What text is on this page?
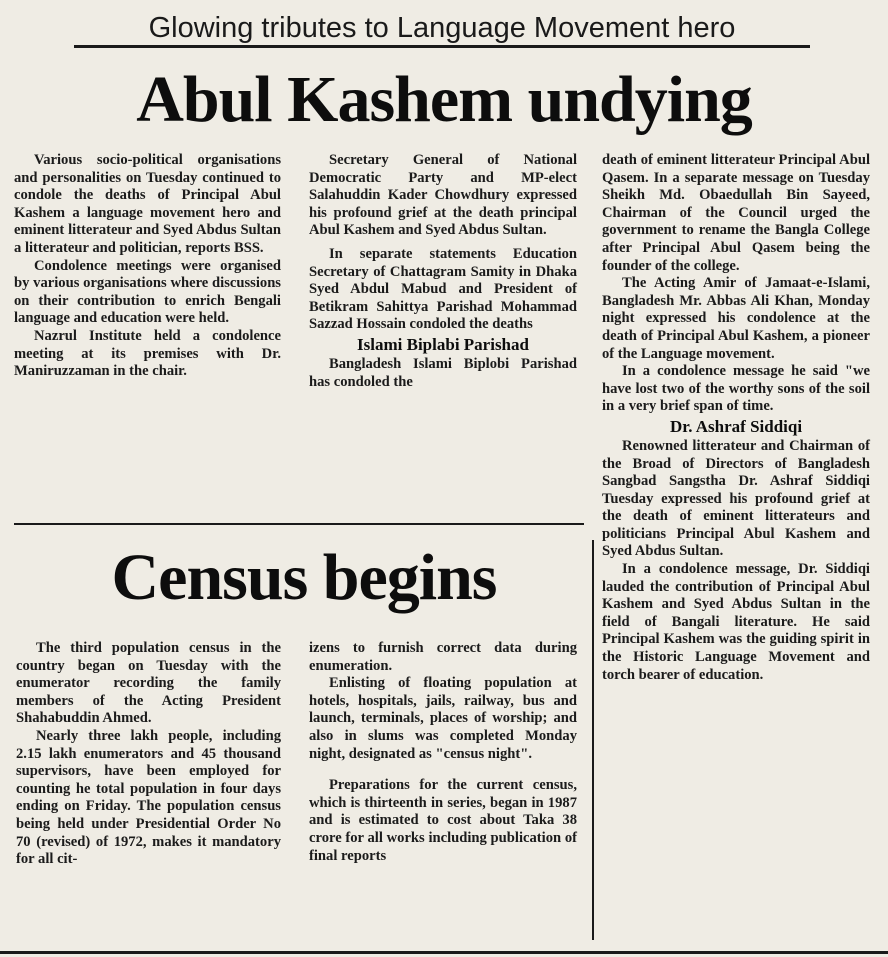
Glowing tributes to Language Movement hero
Abul Kashem undying

Various socio-political organisations and personalities on Tuesday continued to condole the deaths of Principal Abul Kashem a language movement hero and eminent litterateur and Syed Abdus Sultan a litterateur and politician, reports BSS.

Condolence meetings were organised by various organisations where discussions on their contribution to enrich Bengali language and education were held.

Nazrul Institute held a condolence meeting at its premises with Dr. Maniruzzaman in the chair.

Secretary General of National Democratic Party and MP-elect Salahuddin Kader Chowdhury expressed his profound grief at the death principal Abul Kashem and Syed Abdus Sultan.

In separate statements Education Secretary of Chattagram Samity in Dhaka Syed Abdul Mabud and President of Betikram Sahittya Parishad Mohammad Sazzad Hossain condoled the deaths

Islami Biplabi Parishad

Bangladesh Islami Biplobi Parishad has condoled the

death of eminent litterateur Principal Abul Qasem. In a separate message on Tuesday Sheikh Md. Obaedullah Bin Sayeed, Chairman of the Council urged the government to rename the Bangla College after Principal Abul Qasem being the founder of the college.

The Acting Amir of Jamaat-e-Islami, Bangladesh Mr. Abbas Ali Khan, Monday night expressed his condolence at the death of Principal Abul Kashem, a pioneer of the Language movement.

In a condolence message he said "we have lost two of the worthy sons of the soil in a very brief span of time.

Dr. Ashraf Siddiqi

Renowned litterateur and Chairman of the Broad of Directors of Bangladesh Sangbad Sangstha Dr. Ashraf Siddiqi Tuesday expressed his profound grief at the death of eminent litterateurs and politicians Principal Abul Kashem and Syed Abdus Sultan.

In a condolence message, Dr. Siddiqi lauded the contribution of Principal Abul Kashem and Syed Abdus Sultan in the field of Bangali literature. He said Principal Kashem was the guiding spirit in the Historic Language Movement and torch bearer of education.

Census begins

The third population census in the country began on Tuesday with the enumerator recording the family members of the Acting President Shahabuddin Ahmed.

Nearly three lakh people, including 2.15 lakh enumerators and 45 thousand supervisors, have been employed for counting he total population in four days ending on Friday. The population census being held under Presidential Order No 70 (revised) of 1972, makes it mandatory for all cit-

izens to furnish correct data during enumeration.

Enlisting of floating population at hotels, hospitals, jails, railway, bus and launch, terminals, places of worship; and also in slums was completed Monday night, designated as "census night".

Preparations for the current census, which is thirteenth in series, began in 1987 and is estimated to cost about Taka 38 crore for all works including publication of final reports
